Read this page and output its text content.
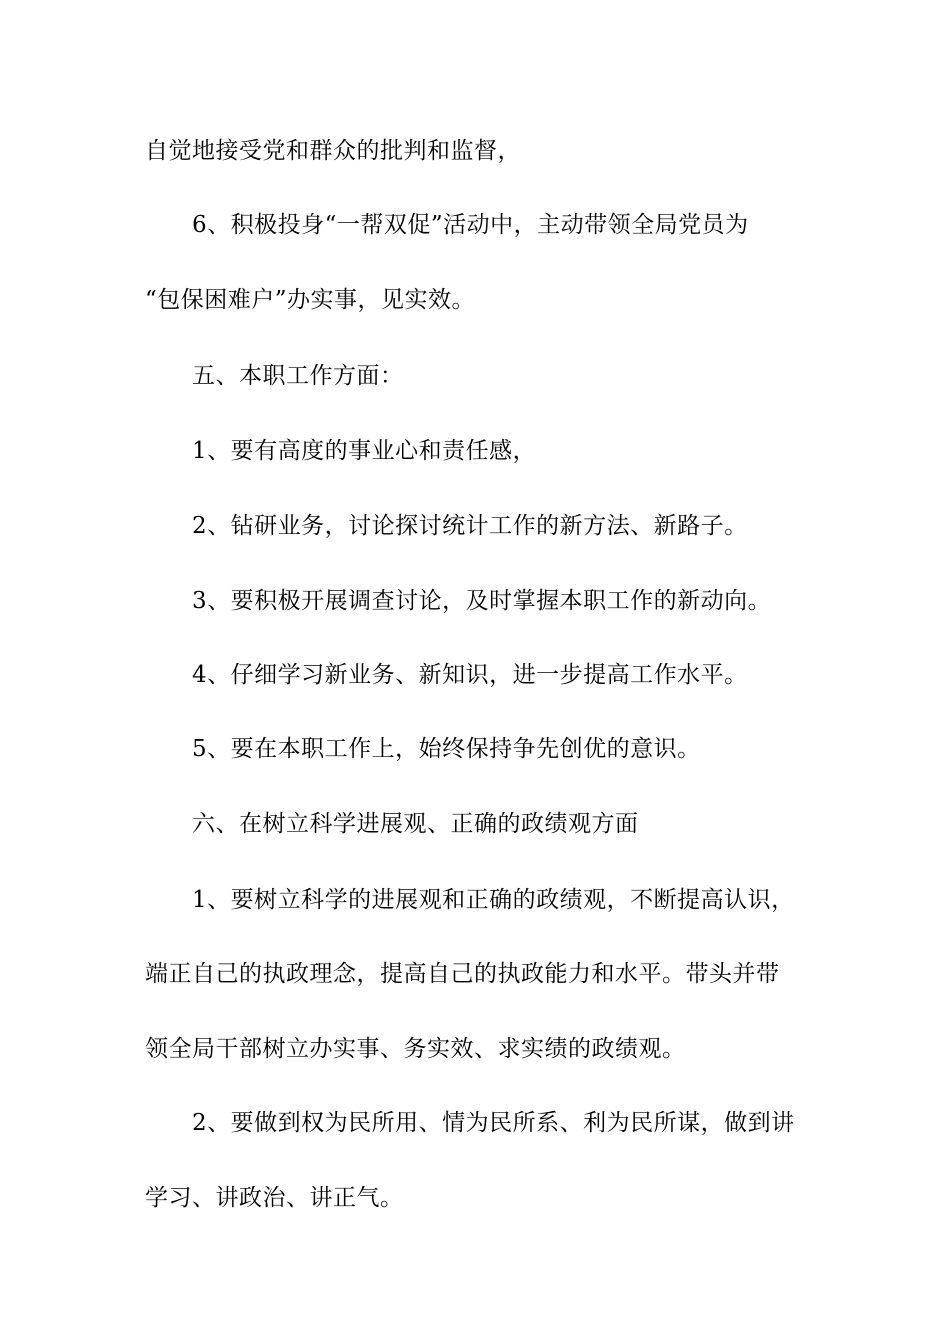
自觉地接受党和群众的批判和监督，
6、积极投身“一帮双促”活动中，主动带领全局党员为
“包保困难户”办实事，见实效。
五、本职工作方面：
1、要有高度的事业心和责任感，
2、钻研业务，讨论探讨统计工作的新方法、新路子。
3、要积极开展调查讨论，及时掌握本职工作的新动向。
4、仔细学习新业务、新知识，进一步提高工作水平。
5、要在本职工作上，始终保持争先创优的意识。
六、在树立科学进展观、正确的政绩观方面
1、要树立科学的进展观和正确的政绩观，不断提高认识，
端正自己的执政理念，提高自己的执政能力和水平。带头并带
领全局干部树立办实事、务实效、求实绩的政绩观。
2、要做到权为民所用、情为民所系、利为民所谋，做到讲
学习、讲政治、讲正气。
